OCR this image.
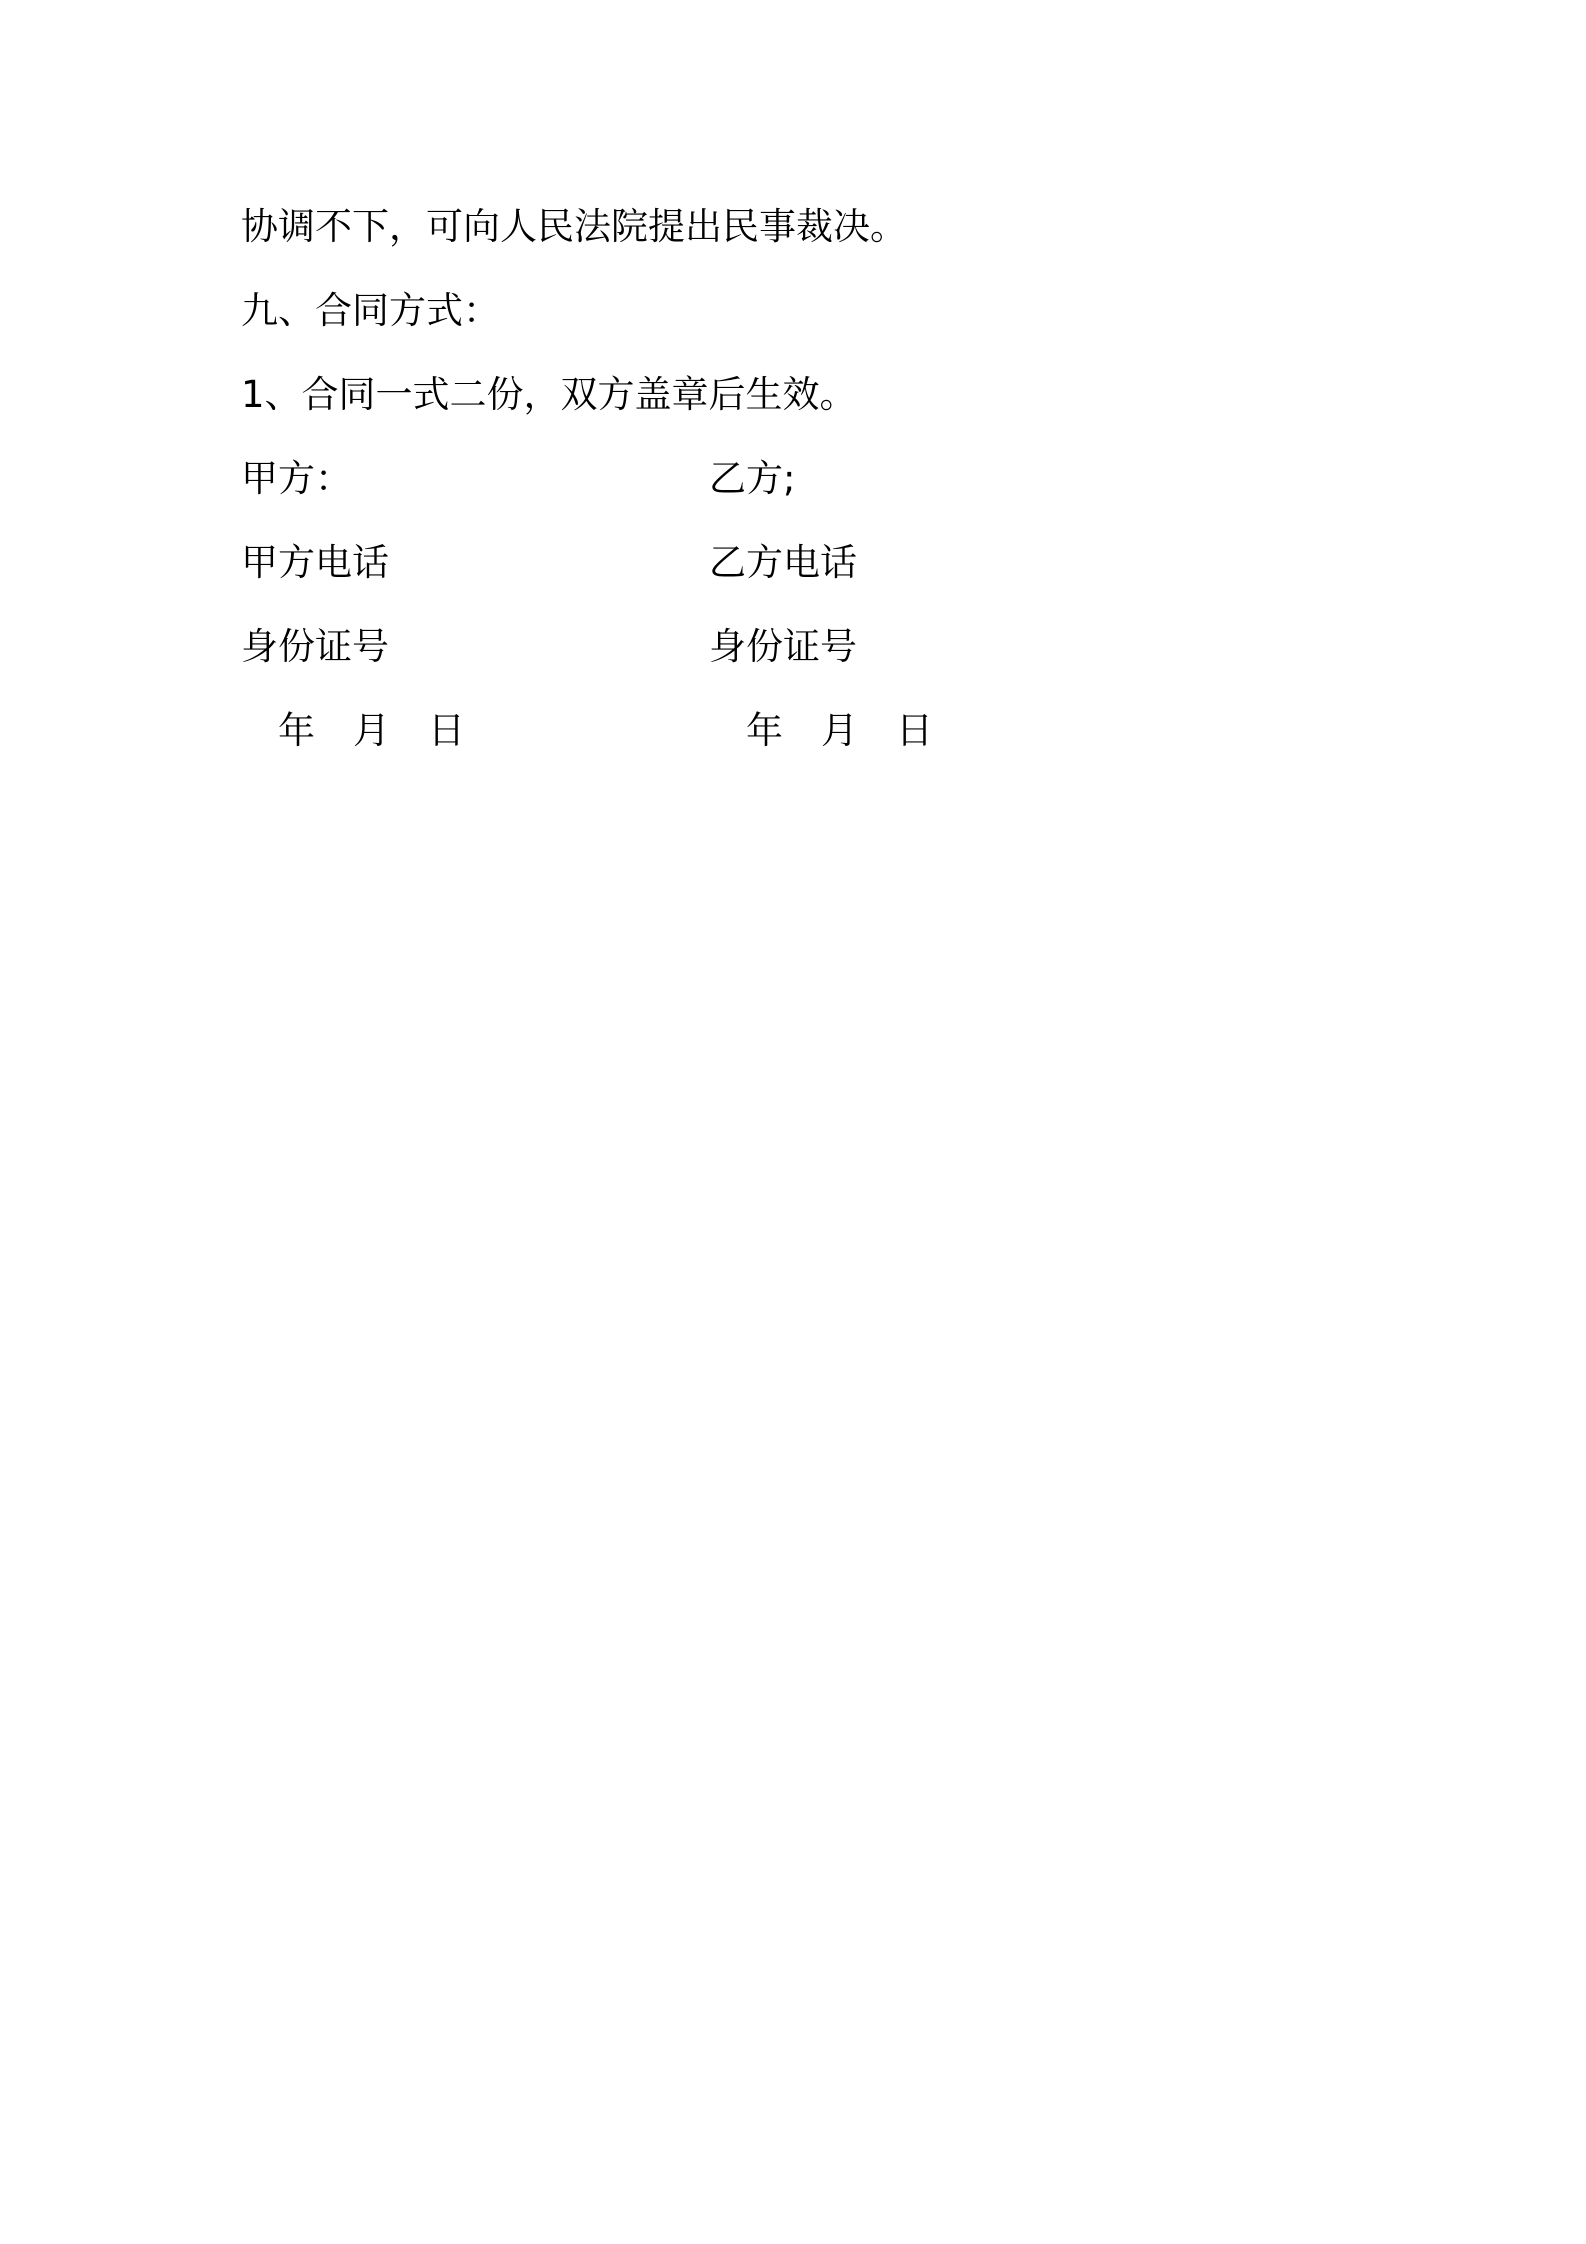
协调不下，可向人民法院提出民事裁决。
九、合同方式：
1、合同一式二份，双方盖章后生效。
甲方：	乙方;
甲方电话	乙方电话
身份证号	身份证号
年 月 日	年 月 日
